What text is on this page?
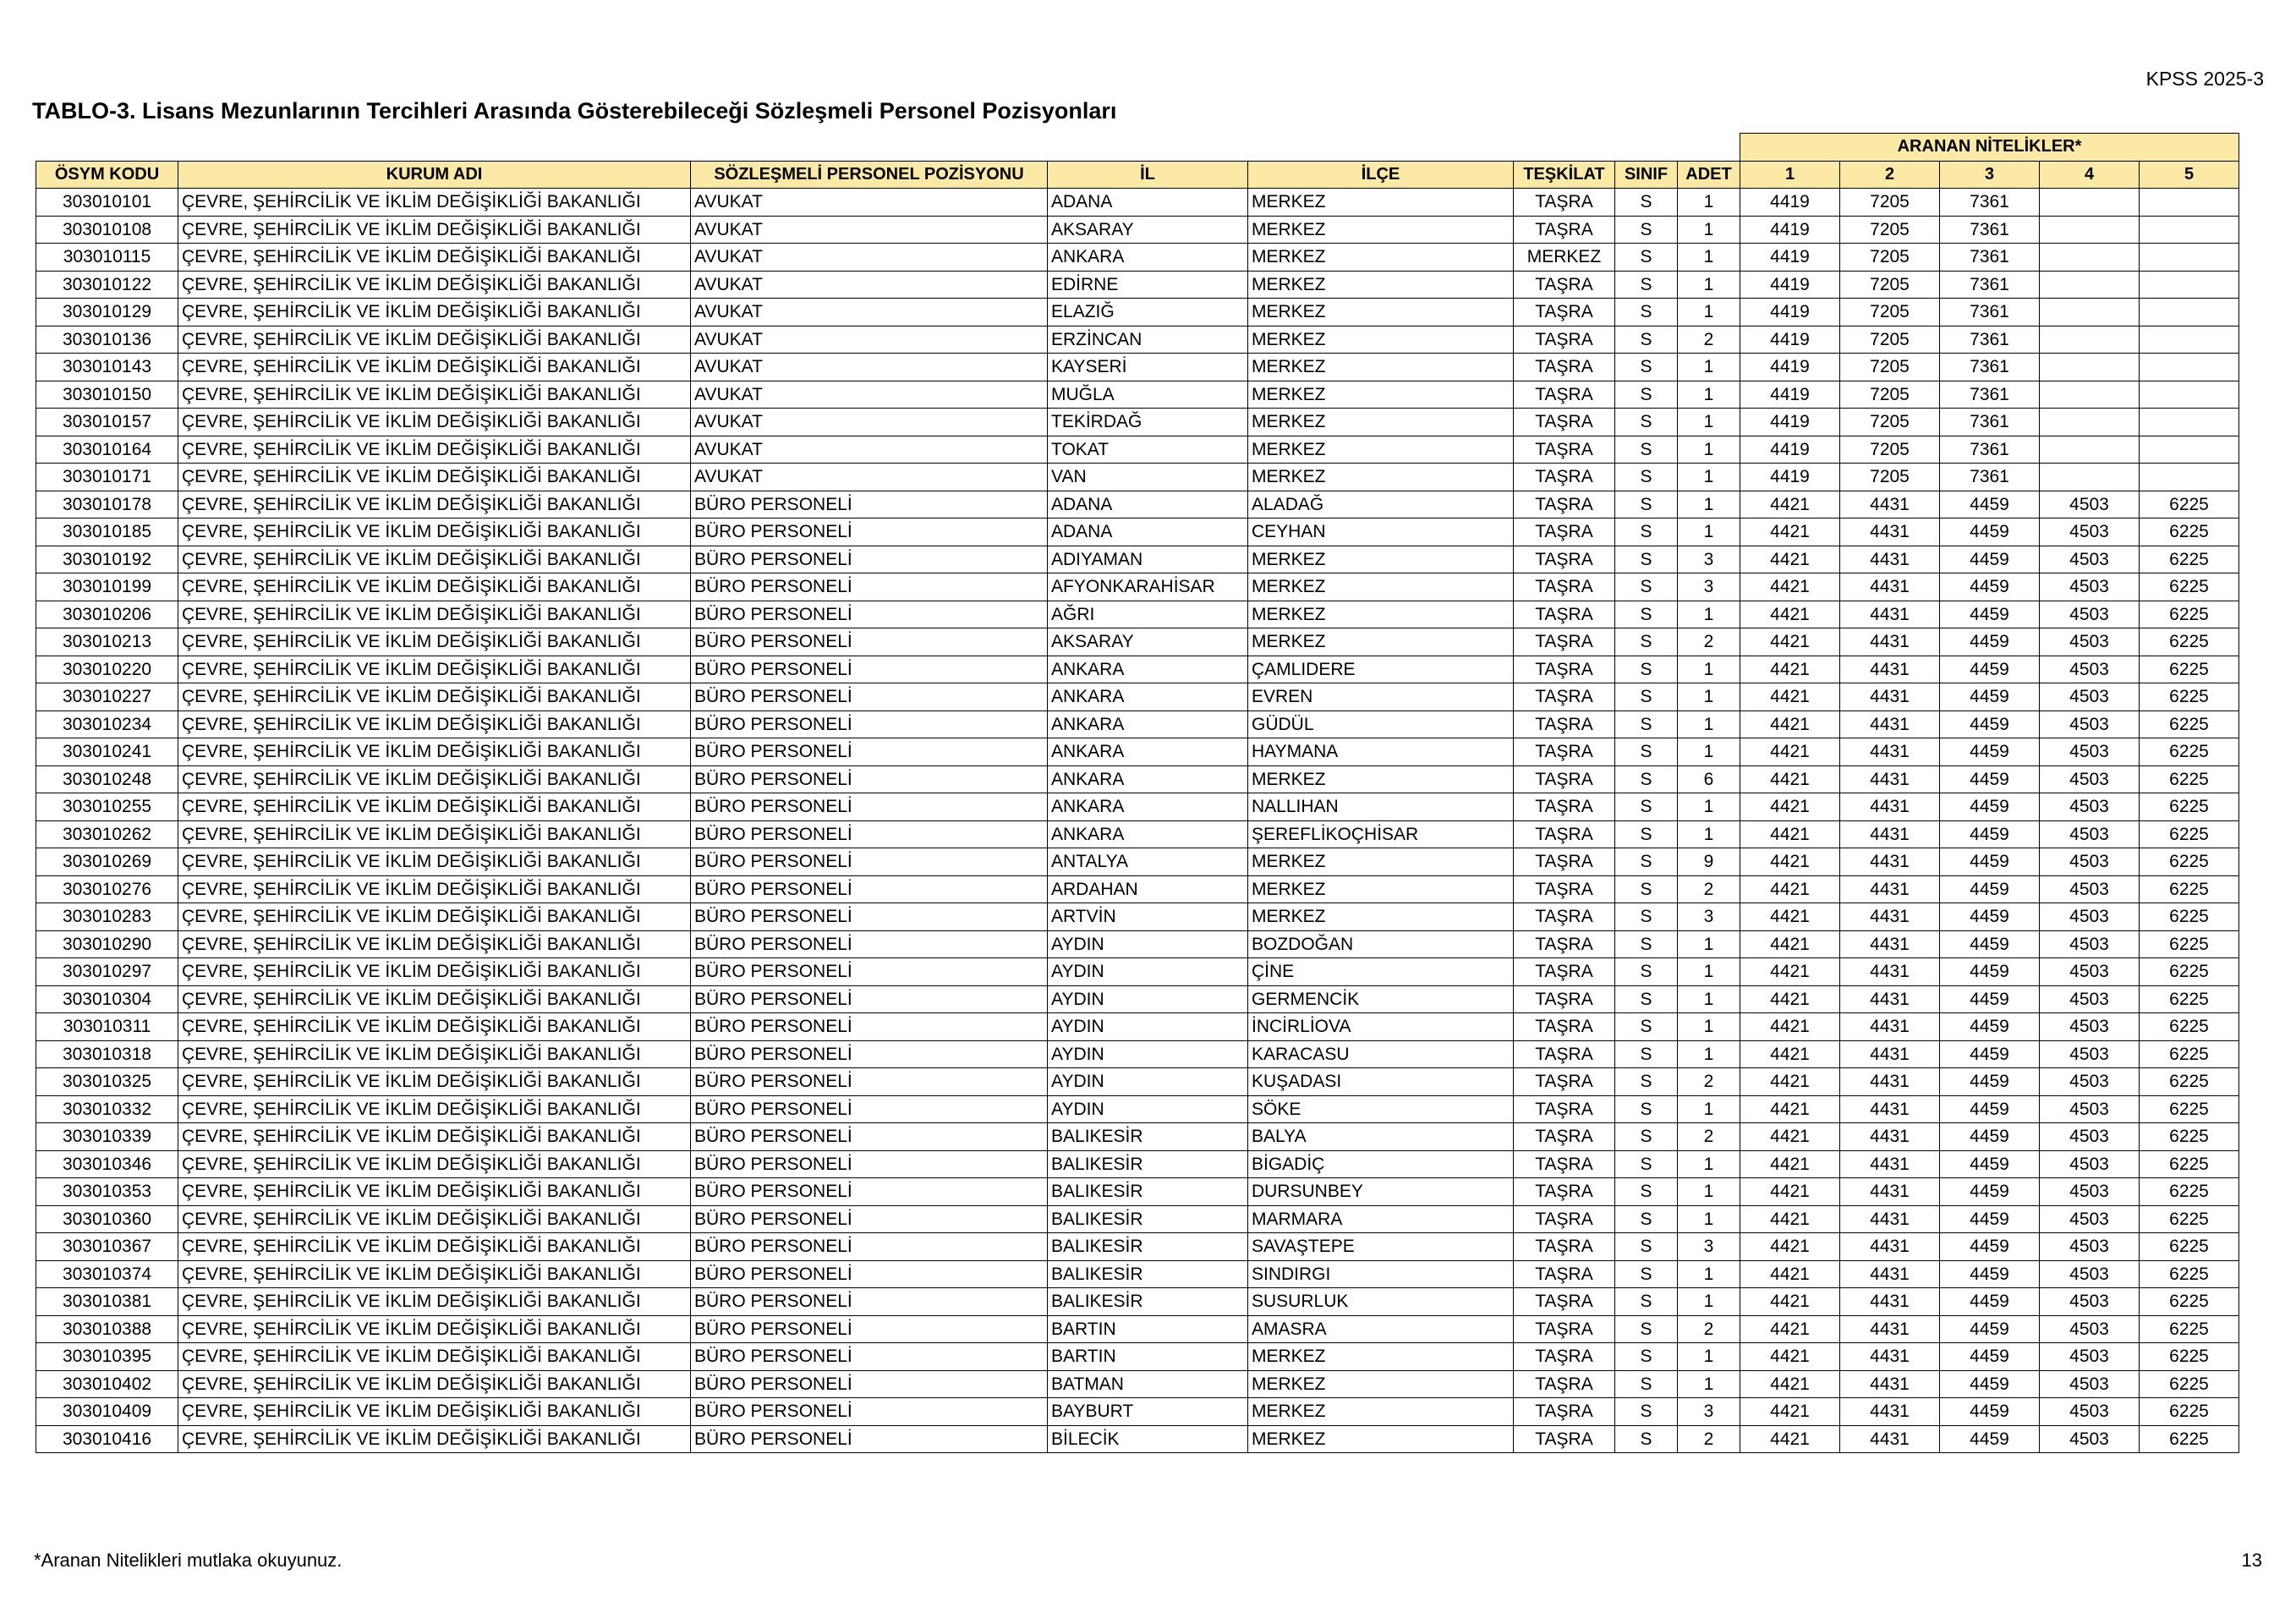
KPSS 2025-3
TABLO-3. Lisans Mezunlarının Tercihleri Arasında Gösterebileceği Sözleşmeli Personel Pozisyonları
								ARANAN NİTELİKLER*				
ÖSYM KODU	KURUM ADI	SÖZLEŞMELİ PERSONEL POZİSYONU	İL	İLÇE	TEŞKİLAT	SINIF	ADET	1	2	3	4	5
303010101	ÇEVRE, ŞEHİRCİLİK VE İKLİM DEĞİŞİKLİĞİ BAKANLIĞI	AVUKAT	ADANA	MERKEZ	TAŞRA	S	1	4419	7205	7361		
303010108	ÇEVRE, ŞEHİRCİLİK VE İKLİM DEĞİŞİKLİĞİ BAKANLIĞI	AVUKAT	AKSARAY	MERKEZ	TAŞRA	S	1	4419	7205	7361		
303010115	ÇEVRE, ŞEHİRCİLİK VE İKLİM DEĞİŞİKLİĞİ BAKANLIĞI	AVUKAT	ANKARA	MERKEZ	MERKEZ	S	1	4419	7205	7361		
303010122	ÇEVRE, ŞEHİRCİLİK VE İKLİM DEĞİŞİKLİĞİ BAKANLIĞI	AVUKAT	EDİRNE	MERKEZ	TAŞRA	S	1	4419	7205	7361		
303010129	ÇEVRE, ŞEHİRCİLİK VE İKLİM DEĞİŞİKLİĞİ BAKANLIĞI	AVUKAT	ELAZIĞ	MERKEZ	TAŞRA	S	1	4419	7205	7361		
303010136	ÇEVRE, ŞEHİRCİLİK VE İKLİM DEĞİŞİKLİĞİ BAKANLIĞI	AVUKAT	ERZİNCAN	MERKEZ	TAŞRA	S	2	4419	7205	7361		
303010143	ÇEVRE, ŞEHİRCİLİK VE İKLİM DEĞİŞİKLİĞİ BAKANLIĞI	AVUKAT	KAYSERİ	MERKEZ	TAŞRA	S	1	4419	7205	7361		
303010150	ÇEVRE, ŞEHİRCİLİK VE İKLİM DEĞİŞİKLİĞİ BAKANLIĞI	AVUKAT	MUĞLA	MERKEZ	TAŞRA	S	1	4419	7205	7361		
303010157	ÇEVRE, ŞEHİRCİLİK VE İKLİM DEĞİŞİKLİĞİ BAKANLIĞI	AVUKAT	TEKİRDAĞ	MERKEZ	TAŞRA	S	1	4419	7205	7361		
303010164	ÇEVRE, ŞEHİRCİLİK VE İKLİM DEĞİŞİKLİĞİ BAKANLIĞI	AVUKAT	TOKAT	MERKEZ	TAŞRA	S	1	4419	7205	7361		
303010171	ÇEVRE, ŞEHİRCİLİK VE İKLİM DEĞİŞİKLİĞİ BAKANLIĞI	AVUKAT	VAN	MERKEZ	TAŞRA	S	1	4419	7205	7361		
303010178	ÇEVRE, ŞEHİRCİLİK VE İKLİM DEĞİŞİKLİĞİ BAKANLIĞI	BÜRO PERSONELİ	ADANA	ALADAĞ	TAŞRA	S	1	4421	4431	4459	4503	6225
303010185	ÇEVRE, ŞEHİRCİLİK VE İKLİM DEĞİŞİKLİĞİ BAKANLIĞI	BÜRO PERSONELİ	ADANA	CEYHAN	TAŞRA	S	1	4421	4431	4459	4503	6225
303010192	ÇEVRE, ŞEHİRCİLİK VE İKLİM DEĞİŞİKLİĞİ BAKANLIĞI	BÜRO PERSONELİ	ADIYAMAN	MERKEZ	TAŞRA	S	3	4421	4431	4459	4503	6225
303010199	ÇEVRE, ŞEHİRCİLİK VE İKLİM DEĞİŞİKLİĞİ BAKANLIĞI	BÜRO PERSONELİ	AFYONKARAHİSAR	MERKEZ	TAŞRA	S	3	4421	4431	4459	4503	6225
303010206	ÇEVRE, ŞEHİRCİLİK VE İKLİM DEĞİŞİKLİĞİ BAKANLIĞI	BÜRO PERSONELİ	AĞRI	MERKEZ	TAŞRA	S	1	4421	4431	4459	4503	6225
303010213	ÇEVRE, ŞEHİRCİLİK VE İKLİM DEĞİŞİKLİĞİ BAKANLIĞI	BÜRO PERSONELİ	AKSARAY	MERKEZ	TAŞRA	S	2	4421	4431	4459	4503	6225
303010220	ÇEVRE, ŞEHİRCİLİK VE İKLİM DEĞİŞİKLİĞİ BAKANLIĞI	BÜRO PERSONELİ	ANKARA	ÇAMLIDERE	TAŞRA	S	1	4421	4431	4459	4503	6225
303010227	ÇEVRE, ŞEHİRCİLİK VE İKLİM DEĞİŞİKLİĞİ BAKANLIĞI	BÜRO PERSONELİ	ANKARA	EVREN	TAŞRA	S	1	4421	4431	4459	4503	6225
303010234	ÇEVRE, ŞEHİRCİLİK VE İKLİM DEĞİŞİKLİĞİ BAKANLIĞI	BÜRO PERSONELİ	ANKARA	GÜDÜL	TAŞRA	S	1	4421	4431	4459	4503	6225
303010241	ÇEVRE, ŞEHİRCİLİK VE İKLİM DEĞİŞİKLİĞİ BAKANLIĞI	BÜRO PERSONELİ	ANKARA	HAYMANA	TAŞRA	S	1	4421	4431	4459	4503	6225
303010248	ÇEVRE, ŞEHİRCİLİK VE İKLİM DEĞİŞİKLİĞİ BAKANLIĞI	BÜRO PERSONELİ	ANKARA	MERKEZ	TAŞRA	S	6	4421	4431	4459	4503	6225
303010255	ÇEVRE, ŞEHİRCİLİK VE İKLİM DEĞİŞİKLİĞİ BAKANLIĞI	BÜRO PERSONELİ	ANKARA	NALLIHAN	TAŞRA	S	1	4421	4431	4459	4503	6225
303010262	ÇEVRE, ŞEHİRCİLİK VE İKLİM DEĞİŞİKLİĞİ BAKANLIĞI	BÜRO PERSONELİ	ANKARA	ŞEREFLİKOÇHİSAR	TAŞRA	S	1	4421	4431	4459	4503	6225
303010269	ÇEVRE, ŞEHİRCİLİK VE İKLİM DEĞİŞİKLİĞİ BAKANLIĞI	BÜRO PERSONELİ	ANTALYA	MERKEZ	TAŞRA	S	9	4421	4431	4459	4503	6225
303010276	ÇEVRE, ŞEHİRCİLİK VE İKLİM DEĞİŞİKLİĞİ BAKANLIĞI	BÜRO PERSONELİ	ARDAHAN	MERKEZ	TAŞRA	S	2	4421	4431	4459	4503	6225
303010283	ÇEVRE, ŞEHİRCİLİK VE İKLİM DEĞİŞİKLİĞİ BAKANLIĞI	BÜRO PERSONELİ	ARTVİN	MERKEZ	TAŞRA	S	3	4421	4431	4459	4503	6225
303010290	ÇEVRE, ŞEHİRCİLİK VE İKLİM DEĞİŞİKLİĞİ BAKANLIĞI	BÜRO PERSONELİ	AYDIN	BOZDOĞAN	TAŞRA	S	1	4421	4431	4459	4503	6225
303010297	ÇEVRE, ŞEHİRCİLİK VE İKLİM DEĞİŞİKLİĞİ BAKANLIĞI	BÜRO PERSONELİ	AYDIN	ÇİNE	TAŞRA	S	1	4421	4431	4459	4503	6225
303010304	ÇEVRE, ŞEHİRCİLİK VE İKLİM DEĞİŞİKLİĞİ BAKANLIĞI	BÜRO PERSONELİ	AYDIN	GERMENCİK	TAŞRA	S	1	4421	4431	4459	4503	6225
303010311	ÇEVRE, ŞEHİRCİLİK VE İKLİM DEĞİŞİKLİĞİ BAKANLIĞI	BÜRO PERSONELİ	AYDIN	İNCİRLİOVA	TAŞRA	S	1	4421	4431	4459	4503	6225
303010318	ÇEVRE, ŞEHİRCİLİK VE İKLİM DEĞİŞİKLİĞİ BAKANLIĞI	BÜRO PERSONELİ	AYDIN	KARACASU	TAŞRA	S	1	4421	4431	4459	4503	6225
303010325	ÇEVRE, ŞEHİRCİLİK VE İKLİM DEĞİŞİKLİĞİ BAKANLIĞI	BÜRO PERSONELİ	AYDIN	KUŞADASI	TAŞRA	S	2	4421	4431	4459	4503	6225
303010332	ÇEVRE, ŞEHİRCİLİK VE İKLİM DEĞİŞİKLİĞİ BAKANLIĞI	BÜRO PERSONELİ	AYDIN	SÖKE	TAŞRA	S	1	4421	4431	4459	4503	6225
303010339	ÇEVRE, ŞEHİRCİLİK VE İKLİM DEĞİŞİKLİĞİ BAKANLIĞI	BÜRO PERSONELİ	BALIKESİR	BALYA	TAŞRA	S	2	4421	4431	4459	4503	6225
303010346	ÇEVRE, ŞEHİRCİLİK VE İKLİM DEĞİŞİKLİĞİ BAKANLIĞI	BÜRO PERSONELİ	BALIKESİR	BİGADİÇ	TAŞRA	S	1	4421	4431	4459	4503	6225
303010353	ÇEVRE, ŞEHİRCİLİK VE İKLİM DEĞİŞİKLİĞİ BAKANLIĞI	BÜRO PERSONELİ	BALIKESİR	DURSUNBEY	TAŞRA	S	1	4421	4431	4459	4503	6225
303010360	ÇEVRE, ŞEHİRCİLİK VE İKLİM DEĞİŞİKLİĞİ BAKANLIĞI	BÜRO PERSONELİ	BALIKESİR	MARMARA	TAŞRA	S	1	4421	4431	4459	4503	6225
303010367	ÇEVRE, ŞEHİRCİLİK VE İKLİM DEĞİŞİKLİĞİ BAKANLIĞI	BÜRO PERSONELİ	BALIKESİR	SAVAŞTEPE	TAŞRA	S	3	4421	4431	4459	4503	6225
303010374	ÇEVRE, ŞEHİRCİLİK VE İKLİM DEĞİŞİKLİĞİ BAKANLIĞI	BÜRO PERSONELİ	BALIKESİR	SINDIRGI	TAŞRA	S	1	4421	4431	4459	4503	6225
303010381	ÇEVRE, ŞEHİRCİLİK VE İKLİM DEĞİŞİKLİĞİ BAKANLIĞI	BÜRO PERSONELİ	BALIKESİR	SUSURLUK	TAŞRA	S	1	4421	4431	4459	4503	6225
303010388	ÇEVRE, ŞEHİRCİLİK VE İKLİM DEĞİŞİKLİĞİ BAKANLIĞI	BÜRO PERSONELİ	BARTIN	AMASRA	TAŞRA	S	2	4421	4431	4459	4503	6225
303010395	ÇEVRE, ŞEHİRCİLİK VE İKLİM DEĞİŞİKLİĞİ BAKANLIĞI	BÜRO PERSONELİ	BARTIN	MERKEZ	TAŞRA	S	1	4421	4431	4459	4503	6225
303010402	ÇEVRE, ŞEHİRCİLİK VE İKLİM DEĞİŞİKLİĞİ BAKANLIĞI	BÜRO PERSONELİ	BATMAN	MERKEZ	TAŞRA	S	1	4421	4431	4459	4503	6225
303010409	ÇEVRE, ŞEHİRCİLİK VE İKLİM DEĞİŞİKLİĞİ BAKANLIĞI	BÜRO PERSONELİ	BAYBURT	MERKEZ	TAŞRA	S	3	4421	4431	4459	4503	6225
303010416	ÇEVRE, ŞEHİRCİLİK VE İKLİM DEĞİŞİKLİĞİ BAKANLIĞI	BÜRO PERSONELİ	BİLECİK	MERKEZ	TAŞRA	S	2	4421	4431	4459	4503	6225
*Aranan Nitelikleri mutlaka okuyunuz.	13
